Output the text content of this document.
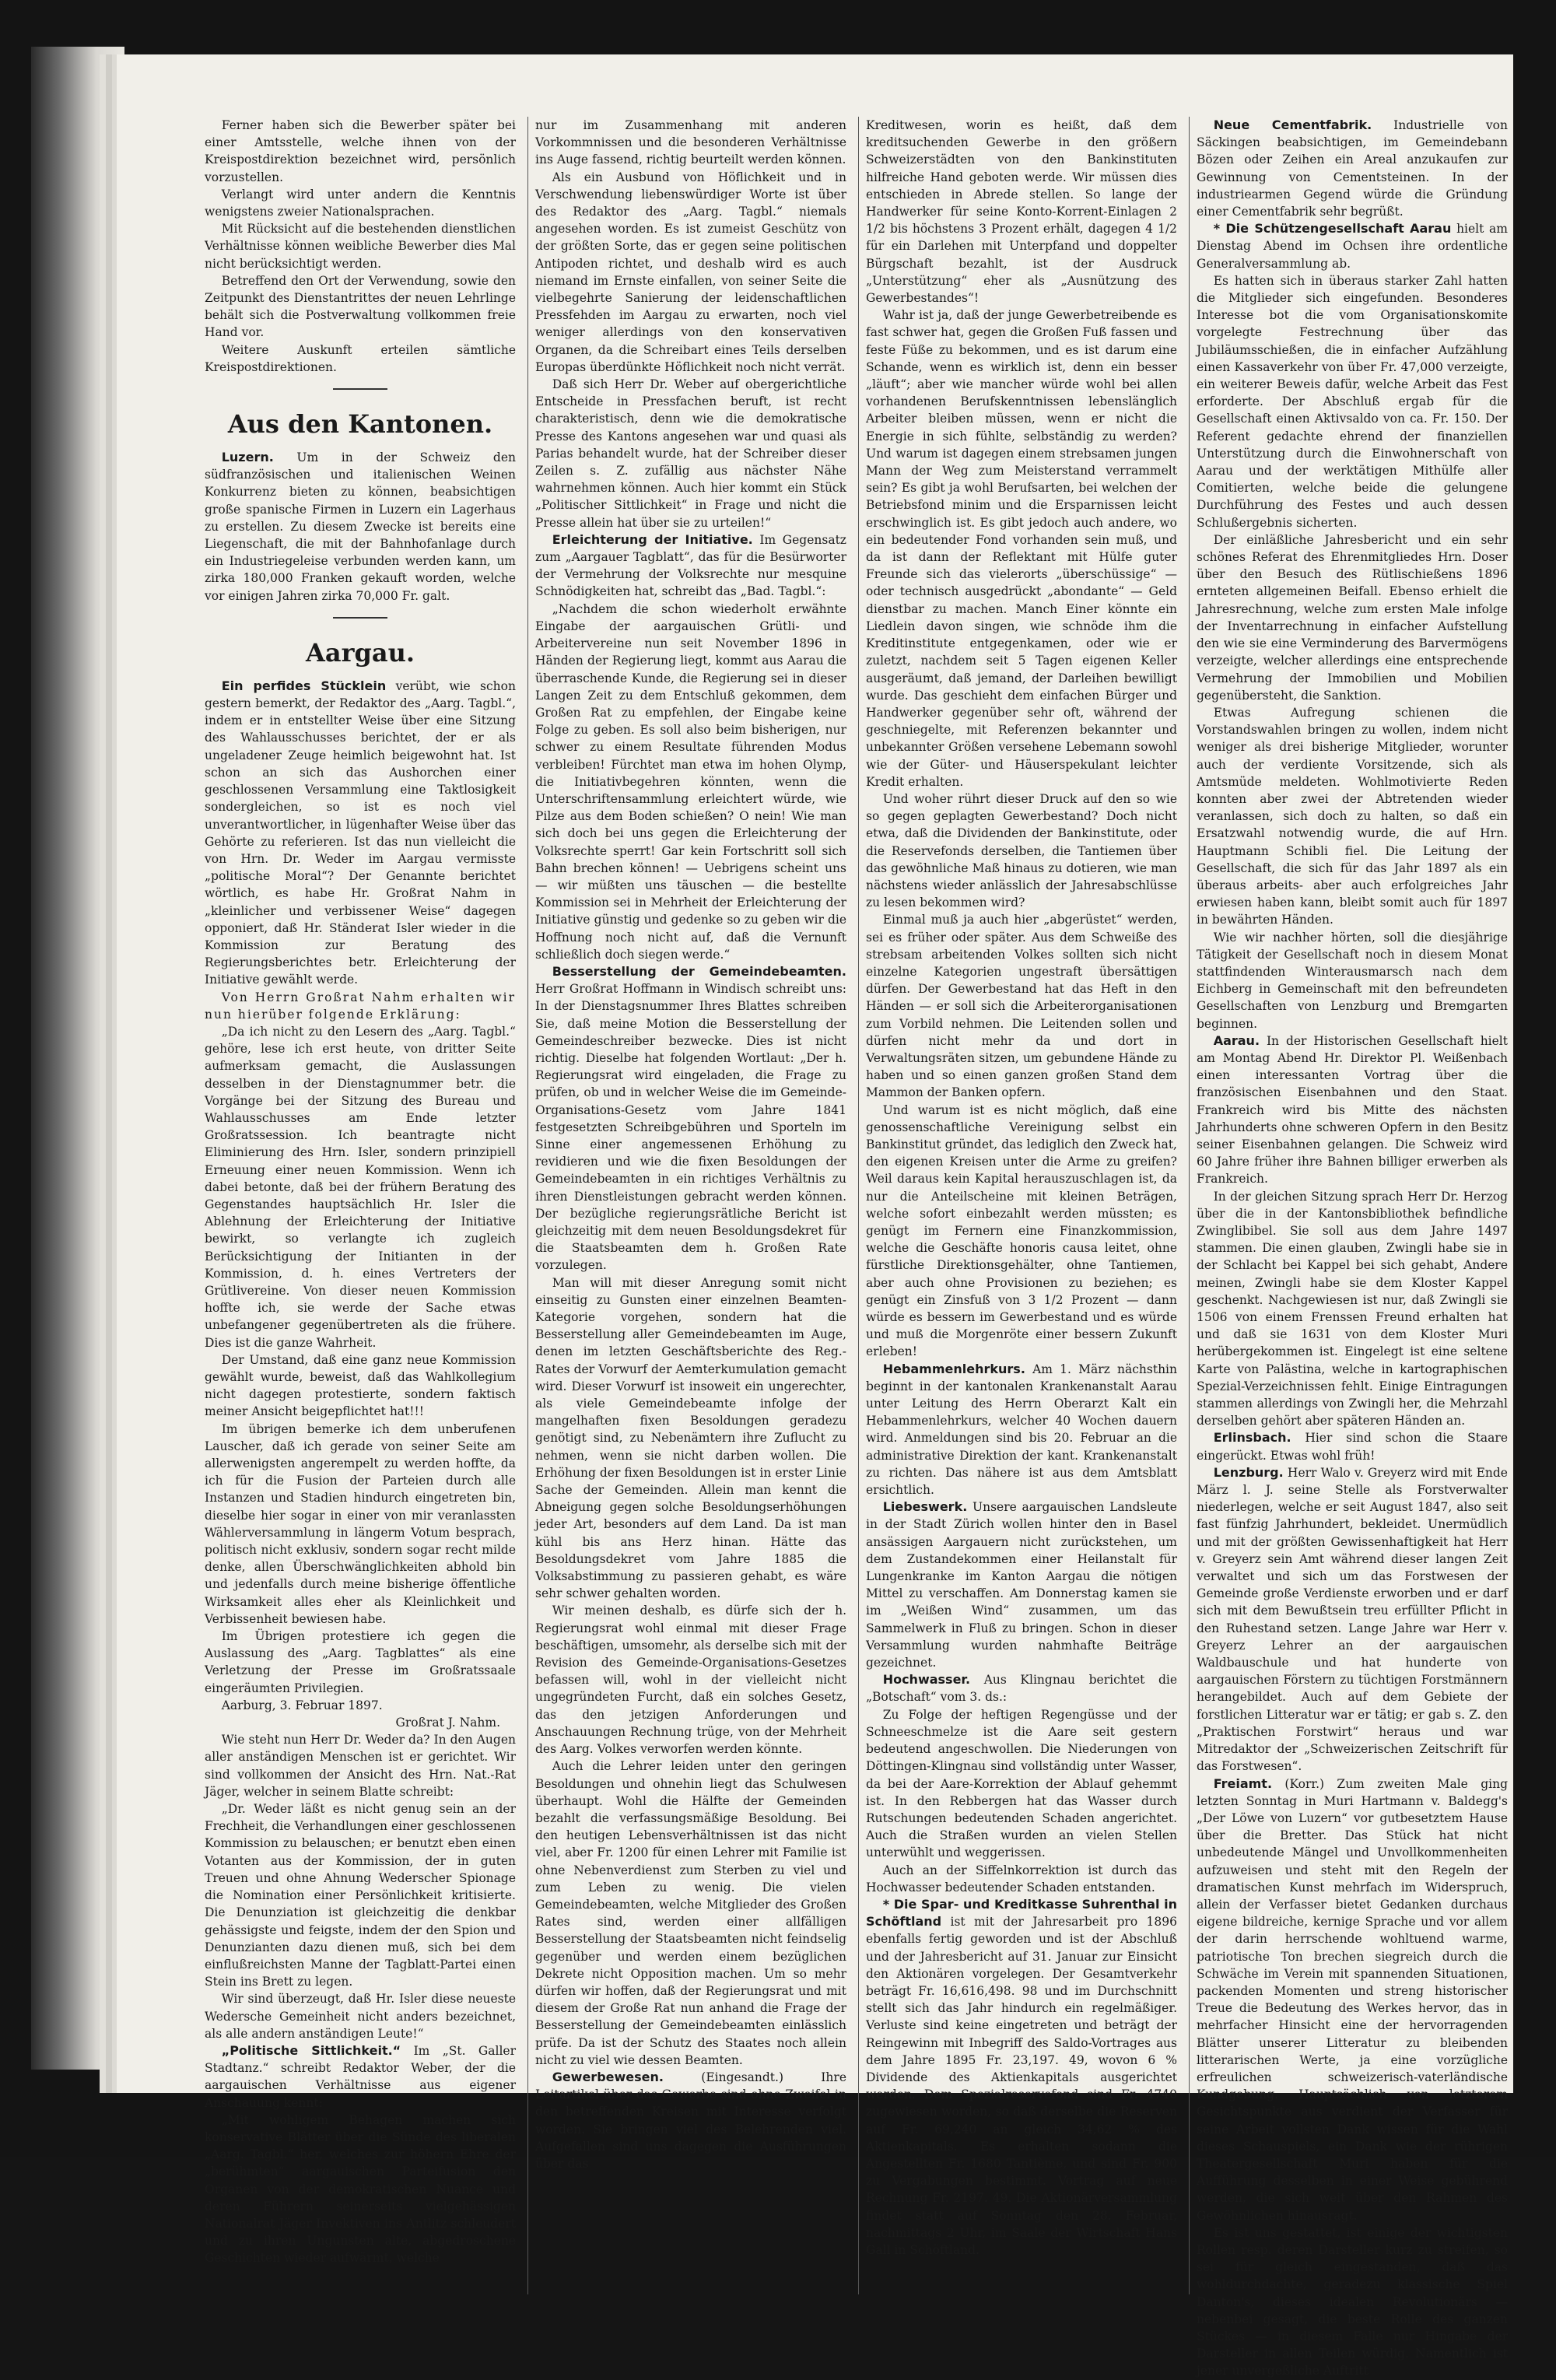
Ferner haben sich die Bewerber später bei einer Amtsstelle, welche ihnen von der Kreispostdirektion bezeichnet wird, persönlich vorzustellen.

Verlangt wird unter andern die Kenntnis wenigstens zweier Nationalsprachen.

Mit Rücksicht auf die bestehenden dienstlichen Verhältnisse können weibliche Bewerber dies Mal nicht berücksichtigt werden.

Betreffend den Ort der Verwendung, sowie den Zeitpunkt des Dienstantrittes der neuen Lehrlinge behält sich die Postverwaltung vollkommen freie Hand vor.

Weitere Auskunft erteilen sämtliche Kreispostdirektionen.

Aus den Kantonen.

Luzern. Um in der Schweiz den südfranzösischen und italienischen Weinen Konkurrenz bieten zu können, beabsichtigen große spanische Firmen in Luzern ein Lagerhaus zu erstellen. Zu diesem Zwecke ist bereits eine Liegenschaft, die mit der Bahnhofanlage durch ein Industriegeleise verbunden werden kann, um zirka 180,000 Franken gekauft worden, welche vor einigen Jahren zirka 70,000 Fr. galt.

Aargau.

Ein perfides Stücklein verübt, wie schon gestern bemerkt, der Redaktor des „Aarg. Tagbl.“, indem er in entstellter Weise über eine Sitzung des Wahlausschusses berichtet, der er als ungeladener Zeuge heimlich beigewohnt hat. Ist schon an sich das Aushorchen einer geschlossenen Versammlung eine Taktlosigkeit sondergleichen, so ist es noch viel unverantwortlicher, in lügenhafter Weise über das Gehörte zu referieren. Ist das nun vielleicht die von Hrn. Dr. Weder im Aargau vermisste „politische Moral“? Der Genannte berichtet wörtlich, es habe Hr. Großrat Nahm in „kleinlicher und verbissener Weise“ dagegen opponiert, daß Hr. Ständerat Isler wieder in die Kommission zur Beratung des Regierungsberichtes betr. Erleichterung der Initiative gewählt werde.

Von Herrn Großrat Nahm erhalten wir nun hierüber folgende Erklärung:

„Da ich nicht zu den Lesern des „Aarg. Tagbl.“ gehöre, lese ich erst heute, von dritter Seite aufmerksam gemacht, die Auslassungen desselben in der Dienstagnummer betr. die Vorgänge bei der Sitzung des Bureau und Wahlausschusses am Ende letzter Großratssession. Ich beantragte nicht Eliminierung des Hrn. Isler, sondern prinzipiell Erneuung einer neuen Kommission. Wenn ich dabei betonte, daß bei der frühern Beratung des Gegenstandes hauptsächlich Hr. Isler die Ablehnung der Erleichterung der Initiative bewirkt, so verlangte ich zugleich Berücksichtigung der Initianten in der Kommission, d. h. eines Vertreters der Grütlivereine. Von dieser neuen Kommission hoffte ich, sie werde der Sache etwas unbefangener gegenübertreten als die frühere. Dies ist die ganze Wahrheit.

Der Umstand, daß eine ganz neue Kommission gewählt wurde, beweist, daß das Wahlkollegium nicht dagegen protestierte, sondern faktisch meiner Ansicht beigepflichtet hat!!!

Im übrigen bemerke ich dem unberufenen Lauscher, daß ich gerade von seiner Seite am allerwenigsten angerempelt zu werden hoffte, da ich für die Fusion der Parteien durch alle Instanzen und Stadien hindurch eingetreten bin, dieselbe hier sogar in einer von mir veranlassten Wählerversammlung in längerm Votum besprach, politisch nicht exklusiv, sondern sogar recht milde denke, allen Überschwänglichkeiten abhold bin und jedenfalls durch meine bisherige öffentliche Wirksamkeit alles eher als Kleinlichkeit und Verbissenheit bewiesen habe.

Im Übrigen protestiere ich gegen die Auslassung des „Aarg. Tagblattes“ als eine Verletzung der Presse im Großratssaale eingeräumten Privilegien.

Aarburg, 3. Februar 1897.

Großrat J. Nahm.

Wie steht nun Herr Dr. Weder da? In den Augen aller anständigen Menschen ist er gerichtet. Wir sind vollkommen der Ansicht des Hrn. Nat.-Rat Jäger, welcher in seinem Blatte schreibt:

„Dr. Weder läßt es nicht genug sein an der Frechheit, die Verhandlungen einer geschlossenen Kommission zu belauschen; er benutzt eben einen Votanten aus der Kommission, der in guten Treuen und ohne Ahnung Wederscher Spionage die Nomination einer Persönlichkeit kritisierte. Die Denunziation ist gleichzeitig die denkbar gehässigste und feigste, indem der den Spion und Denunzianten dazu dienen muß, sich bei dem einflußreichsten Manne der Tagblatt-Partei einen Stein ins Brett zu legen.

Wir sind überzeugt, daß Hr. Isler diese neueste Wedersche Gemeinheit nicht anders bezeichnet, als alle andern anständigen Leute!“

„Politische Sittlichkeit.“ Im „St. Galler Stadtanz.“ schreibt Redaktor Weber, der die aargauischen Verhältnisse aus eigener Anschauung kennt:

„Mit wohligem Behagen machen sich konservative Blätter über die Sünde des liberalen „Aarg. Tagbl.“ her, welches zur höhern Ehre der „berühmten“ aargauischen Parteifusion den Organen von der demokratischen Nuance und deren Führern seinerseits vielgehässigen Nationalrat Jäger Invektiven ins Antlitz schleudert und zu ihren Ungunsten alte, abgedroschene Geschichten wieder aufwärmt, welche

nur im Zusammenhang mit anderen Vorkommnissen und die besonderen Verhältnisse ins Auge fassend, richtig beurteilt werden können.

Als ein Ausbund von Höflichkeit und in Verschwendung liebenswürdiger Worte ist über des Redaktor des „Aarg. Tagbl.“ niemals angesehen worden. Es ist zumeist Geschütz von der größten Sorte, das er gegen seine politischen Antipoden richtet, und deshalb wird es auch niemand im Ernste einfallen, von seiner Seite die vielbegehrte Sanierung der leidenschaftlichen Pressfehden im Aargau zu erwarten, noch viel weniger allerdings von den konservativen Organen, da die Schreibart eines Teils derselben Europas überdünkte Höflichkeit noch nicht verrät.

Daß sich Herr Dr. Weber auf obergerichtliche Entscheide in Pressfachen beruft, ist recht charakteristisch, denn wie die demokratische Presse des Kantons angesehen war und quasi als Parias behandelt wurde, hat der Schreiber dieser Zeilen s. Z. zufällig aus nächster Nähe wahrnehmen können. Auch hier kommt ein Stück „Politischer Sittlichkeit“ in Frage und nicht die Presse allein hat über sie zu urteilen!“

Erleichterung der Initiative. Im Gegensatz zum „Aargauer Tagblatt“, das für die Besürworter der Vermehrung der Volksrechte nur mesquine Schnödigkeiten hat, schreibt das „Bad. Tagbl.“:

„Nachdem die schon wiederholt erwähnte Eingabe der aargauischen Grütli- und Arbeitervereine nun seit November 1896 in Händen der Regierung liegt, kommt aus Aarau die überraschende Kunde, die Regierung sei in dieser Langen Zeit zu dem Entschluß gekommen, dem Großen Rat zu empfehlen, der Eingabe keine Folge zu geben. Es soll also beim bisherigen, nur schwer zu einem Resultate führenden Modus verbleiben! Fürchtet man etwa im hohen Olymp, die Initiativbegehren könnten, wenn die Unterschriftensammlung erleichtert würde, wie Pilze aus dem Boden schießen? O nein! Wie man sich doch bei uns gegen die Erleichterung der Volksrechte sperrt! Gar kein Fortschritt soll sich Bahn brechen können! — Uebrigens scheint uns — wir müßten uns täuschen — die bestellte Kommission sei in Mehrheit der Erleichterung der Initiative günstig und gedenke so zu geben wir die Hoffnung noch nicht auf, daß die Vernunft schließlich doch siegen werde.“

Besserstellung der Gemeindebeamten. Herr Großrat Hoffmann in Windisch schreibt uns: In der Dienstagsnummer Ihres Blattes schreiben Sie, daß meine Motion die Besserstellung der Gemeindeschreiber bezwecke. Dies ist nicht richtig. Dieselbe hat folgenden Wortlaut: „Der h. Regierungsrat wird eingeladen, die Frage zu prüfen, ob und in welcher Weise die im Gemeinde-Organisations-Gesetz vom Jahre 1841 festgesetzten Schreibgebühren und Sporteln im Sinne einer angemessenen Erhöhung zu revidieren und wie die fixen Besoldungen der Gemeindebeamten in ein richtiges Verhältnis zu ihren Dienstleistungen gebracht werden können. Der bezügliche regierungsrätliche Bericht ist gleichzeitig mit dem neuen Besoldungsdekret für die Staatsbeamten dem h. Großen Rate vorzulegen.

Man will mit dieser Anregung somit nicht einseitig zu Gunsten einer einzelnen Beamten-Kategorie vorgehen, sondern hat die Besserstellung aller Gemeindebeamten im Auge, denen im letzten Geschäftsberichte des Reg.-Rates der Vorwurf der Aemterkumulation gemacht wird. Dieser Vorwurf ist insoweit ein ungerechter, als viele Gemeindebeamte infolge der mangelhaften fixen Besoldungen geradezu genötigt sind, zu Nebenämtern ihre Zuflucht zu nehmen, wenn sie nicht darben wollen. Die Erhöhung der fixen Besoldungen ist in erster Linie Sache der Gemeinden. Allein man kennt die Abneigung gegen solche Besoldungserhöhungen jeder Art, besonders auf dem Land. Da ist man kühl bis ans Herz hinan. Hätte das Besoldungsdekret vom Jahre 1885 die Volksabstimmung zu passieren gehabt, es wäre sehr schwer gehalten worden.

Wir meinen deshalb, es dürfe sich der h. Regierungsrat wohl einmal mit dieser Frage beschäftigen, umsomehr, als derselbe sich mit der Revision des Gemeinde-Organisations-Gesetzes befassen will, wohl in der vielleicht nicht ungegründeten Furcht, daß ein solches Gesetz, das den jetzigen Anforderungen und Anschauungen Rechnung trüge, von der Mehrheit des Aarg. Volkes verworfen werden könnte.

Auch die Lehrer leiden unter den geringen Besoldungen und ohnehin liegt das Schulwesen überhaupt. Wohl die Hälfte der Gemeinden bezahlt die verfassungsmäßige Besoldung. Bei den heutigen Lebensverhältnissen ist das nicht viel, aber Fr. 1200 für einen Lehrer mit Familie ist ohne Nebenverdienst zum Sterben zu viel und zum Leben zu wenig. Die vielen Gemeindebeamten, welche Mitglieder des Großen Rates sind, werden einer allfälligen Besserstellung der Staatsbeamten nicht feindselig gegenüber und werden einem bezüglichen Dekrete nicht Opposition machen. Um so mehr dürfen wir hoffen, daß der Regierungsrat und mit diesem der Große Rat nun anhand die Frage der Besserstellung der Gemeindebeamten einlässlich prüfe. Da ist der Schutz des Staates noch allein nicht zu viel wie dessen Beamten.

Gewerbewesen.	(Eingesandt.) Ihre Leitartikel über das Gewerbe sind ohne Zweifel in den betreffenden Kreisen mit Interesse verfolgt worden. Sie bringen viel des Belehrenden viel. Aufgefallen sind uns dagegen die Ausführungen über das

Kreditwesen, worin es heißt, daß dem kreditsuchenden Gewerbe in den größern Schweizerstädten von den Bankinstituten hilfreiche Hand geboten werde. Wir müssen dies entschieden in Abrede stellen. So lange der Handwerker für seine Konto-Korrent-Einlagen 2 1/2 bis höchstens 3 Prozent erhält, dagegen 4 1/2 für ein Darlehen mit Unterpfand und doppelter Bürgschaft bezahlt, ist der Ausdruck „Unterstützung“ eher als „Ausnützung des Gewerbestandes“!

Wahr ist ja, daß der junge Gewerbetreibende es fast schwer hat, gegen die Großen Fuß fassen und feste Füße zu bekommen, und es ist darum eine Schande, wenn es wirklich ist, denn ein besser „läuft“; aber wie mancher würde wohl bei allen vorhandenen Berufskenntnissen lebenslänglich Arbeiter bleiben müssen, wenn er nicht die Energie in sich fühlte, selbständig zu werden? Und warum ist dagegen einem strebsamen jungen Mann der Weg zum Meisterstand verrammelt sein? Es gibt ja wohl Berufsarten, bei welchen der Betriebsfond minim und die Ersparnissen leicht erschwinglich ist. Es gibt jedoch auch andere, wo ein bedeutender Fond vorhanden sein muß, und da ist dann der Reflektant mit Hülfe guter Freunde sich das vielerorts „überschüssige“ — oder technisch ausgedrückt „abondante“ — Geld dienstbar zu machen. Manch Einer könnte ein Liedlein davon singen, wie schnöde ihm die Kreditinstitute entgegenkamen, oder wie er zuletzt, nachdem seit 5 Tagen eigenen Keller ausgeräumt, daß jemand, der Darleihen bewilligt wurde. Das geschieht dem einfachen Bürger und Handwerker gegenüber sehr oft, während der geschniegelte, mit Referenzen bekannter und unbekannter Größen versehene Lebemann sowohl wie der Güter- und Häuserspekulant leichter Kredit erhalten.

Und woher rührt dieser Druck auf den so wie so gegen geplagten Gewerbestand? Doch nicht etwa, daß die Dividenden der Bankinstitute, oder die Reservefonds derselben, die Tantiemen über das gewöhnliche Maß hinaus zu dotieren, wie man nächstens wieder anlässlich der Jahresabschlüsse zu lesen bekommen wird?

Einmal muß ja auch hier „abgerüstet“ werden, sei es früher oder später. Aus dem Schweiße des strebsam arbeitenden Volkes sollten sich nicht einzelne Kategorien ungestraft übersättigen dürfen. Der Gewerbestand hat das Heft in den Händen — er soll sich die Arbeiterorganisationen zum Vorbild nehmen. Die Leitenden sollen und dürfen nicht mehr da und dort in Verwaltungsräten sitzen, um gebundene Hände zu haben und so einen ganzen großen Stand dem Mammon der Banken opfern.

Und warum ist es nicht möglich, daß eine genossenschaftliche Vereinigung selbst ein Bankinstitut gründet, das lediglich den Zweck hat, den eigenen Kreisen unter die Arme zu greifen? Weil daraus kein Kapital herauszuschlagen ist, da nur die Anteilscheine mit kleinen Beträgen, welche sofort einbezahlt werden müssten; es genügt im Fernern eine Finanzkommission, welche die Geschäfte honoris causa leitet, ohne fürstliche Direktionsgehälter, ohne Tantiemen, aber auch ohne Provisionen zu beziehen; es genügt ein Zinsfuß von 3 1/2 Prozent — dann würde es bessern im Gewerbestand und es würde und muß die Morgenröte einer bessern Zukunft erleben!

Hebammenlehrkurs. Am 1. März nächsthin beginnt in der kantonalen Krankenanstalt Aarau unter Leitung des Herrn Oberarzt Kalt ein Hebammenlehrkurs, welcher 40 Wochen dauern wird. Anmeldungen sind bis 20. Februar an die administrative Direktion der kant. Krankenanstalt zu richten. Das nähere ist aus dem Amtsblatt ersichtlich.

Liebeswerk. Unsere aargauischen Landsleute in der Stadt Zürich wollen hinter den in Basel ansässigen Aargauern nicht zurückstehen, um dem Zustandekommen einer Heilanstalt für Lungenkranke im Kanton Aargau die nötigen Mittel zu verschaffen. Am Donnerstag kamen sie im „Weißen Wind“ zusammen, um das Sammelwerk in Fluß zu bringen. Schon in dieser Versammlung wurden nahmhafte Beiträge gezeichnet.

Hochwasser. Aus Klingnau berichtet die „Botschaft“ vom 3. ds.:

Zu Folge der heftigen Regengüsse und der Schneeschmelze ist die Aare seit gestern bedeutend angeschwollen. Die Niederungen von Döttingen-Klingnau sind vollständig unter Wasser, da bei der Aare-Korrektion der Ablauf gehemmt ist. In den Rebbergen hat das Wasser durch Rutschungen bedeutenden Schaden angerichtet. Auch die Straßen wurden an vielen Stellen unterwühlt und weggerissen.

Auch an der Siffelnkorrektion ist durch das Hochwasser bedeutender Schaden entstanden.

* Die Spar- und Kreditkasse Suhrenthal in Schöftland ist mit der Jahresarbeit pro 1896 ebenfalls fertig geworden und ist der Abschluß und der Jahresbericht auf 31. Januar zur Einsicht den Aktionären vorgelegen. Der Gesamtverkehr beträgt Fr. 16,616,498. 98 und im Durchschnitt stellt sich das Jahr hindurch ein regelmäßiger. Verluste sind keine eingetreten und beträgt der Reingewinn mit Inbegriff des Saldo-Vortrages aus dem Jahre 1895 Fr. 23,197. 49, wovon 6 % Dividende des Aktienkapitals ausgerichtet werden. Dem Spezialreservefond sind Fr. 4740 zugewiesen worden, so daß derselbe die Reserven auf Fr. 69,240 an gleich 34,62 % des Aktienkapitals. Es erhalten sodann die Angestellten Fr. 1680 Tantième, und sind Fr. 900 zu Vergabungen bestimmt. Vortrag auf neue Rechnung Fr. 2197. 49. Die Aktionärversammlung findet statt auf Sonntag den 28. Februar, nachmittags 2 Uhr, im Saale der Wirtschaft Hans Gall in Schöftland.

Neue Cementfabrik. Industrielle von Säckingen beabsichtigen, im Gemeindebann Bözen oder Zeihen ein Areal anzukaufen zur Gewinnung von Cementsteinen. In der industriearmen Gegend würde die Gründung einer Cementfabrik sehr begrüßt.

* Die Schützengesellschaft Aarau hielt am Dienstag Abend im Ochsen ihre ordentliche Generalversammlung ab.

Es hatten sich in überaus starker Zahl hatten die Mitglieder sich eingefunden. Besonderes Interesse bot die vom Organisationskomite vorgelegte Festrechnung über das Jubiläumsschießen, die in einfacher Aufzählung einen Kassaverkehr von über Fr. 47,000 verzeigte, ein weiterer Beweis dafür, welche Arbeit das Fest erforderte. Der Abschluß ergab für die Gesellschaft einen Aktivsaldo von ca. Fr. 150. Der Referent gedachte ehrend der finanziellen Unterstützung durch die Einwohnerschaft von Aarau und der werktätigen Mithülfe aller Comitierten, welche beide die gelungene Durchführung des Festes und auch dessen Schlußergebnis sicherten.

Der einläßliche Jahresbericht und ein sehr schönes Referat des Ehrenmitgliedes Hrn. Doser über den Besuch des Rütlischießens 1896 ernteten allgemeinen Beifall. Ebenso erhielt die Jahresrechnung, welche zum ersten Male infolge der Inventarrechnung in einfacher Aufstellung den wie sie eine Verminderung des Barvermögens verzeigte, welcher allerdings eine entsprechende Vermehrung der Immobilien und Mobilien gegenübersteht, die Sanktion.

Etwas Aufregung schienen die Vorstandswahlen bringen zu wollen, indem nicht weniger als drei bisherige Mitglieder, worunter auch der verdiente Vorsitzende, sich als Amtsmüde meldeten. Wohlmotivierte Reden konnten aber zwei der Abtretenden wieder veranlassen, sich doch zu halten, so daß ein Ersatzwahl notwendig wurde, die auf Hrn. Hauptmann Schibli fiel. Die Leitung der Gesellschaft, die sich für das Jahr 1897 als ein überaus arbeits- aber auch erfolgreiches Jahr erwiesen haben kann, bleibt somit auch für 1897 in bewährten Händen.

Wie wir nachher hörten, soll die diesjährige Tätigkeit der Gesellschaft noch in diesem Monat stattfindenden Winterausmarsch nach dem Eichberg in Gemeinschaft mit den befreundeten Gesellschaften von Lenzburg und Bremgarten beginnen.

Aarau. In der Historischen Gesellschaft hielt am Montag Abend Hr. Direktor Pl. Weißenbach einen interessanten Vortrag über die französischen Eisenbahnen und den Staat. Frankreich wird bis Mitte des nächsten Jahrhunderts ohne schweren Opfern in den Besitz seiner Eisenbahnen gelangen. Die Schweiz wird 60 Jahre früher ihre Bahnen billiger erwerben als Frankreich.

In der gleichen Sitzung sprach Herr Dr. Herzog über die in der Kantonsbibliothek befindliche Zwinglibibel. Sie soll aus dem Jahre 1497 stammen. Die einen glauben, Zwingli habe sie in der Schlacht bei Kappel bei sich gehabt, Andere meinen, Zwingli habe sie dem Kloster Kappel geschenkt. Nachgewiesen ist nur, daß Zwingli sie 1506 von einem Frenssen Freund erhalten hat und daß sie 1631 von dem Kloster Muri herübergekommen ist. Eingelegt ist eine seltene Karte von Palästina, welche in kartographischen Spezial-Verzeichnissen fehlt. Einige Eintragungen stammen allerdings von Zwingli her, die Mehrzahl derselben gehört aber späteren Händen an.

Erlinsbach. Hier sind schon die Staare eingerückt. Etwas wohl früh!

Lenzburg. Herr Walo v. Greyerz wird mit Ende März l. J. seine Stelle als Forstverwalter niederlegen, welche er seit August 1847, also seit fast fünfzig Jahrhundert, bekleidet. Unermüdlich und mit der größten Gewissenhaftigkeit hat Herr v. Greyerz sein Amt während dieser langen Zeit verwaltet und sich um das Forstwesen der Gemeinde große Verdienste erworben und er darf sich mit dem Bewußtsein treu erfüllter Pflicht in den Ruhestand setzen. Lange Jahre war Herr v. Greyerz Lehrer an der aargauischen Waldbauschule und hat hunderte von aargauischen Förstern zu tüchtigen Forstmännern herangebildet. Auch auf dem Gebiete der forstlichen Litteratur war er tätig; er gab s. Z. den „Praktischen Forstwirt“ heraus und war Mitredaktor der „Schweizerischen Zeitschrift für das Forstwesen“.

Freiamt. (Korr.) Zum zweiten Male ging letzten Sonntag in Muri Hartmann v. Baldegg's „Der Löwe von Luzern“ vor gutbesetztem Hause über die Bretter. Das Stück hat nicht unbedeutende Mängel und Unvollkommenheiten aufzuweisen und steht mit den Regeln der dramatischen Kunst mehrfach im Widerspruch, allein der Verfasser bietet Gedanken durchaus eigene bildreiche, kernige Sprache und vor allem der darin herrschende wohltuend warme, patriotische Ton brechen siegreich durch die Schwäche im Verein mit spannenden Situationen, packenden Momenten und streng historischer Treue die Bedeutung des Werkes hervor, das in mehrfacher Hinsicht eine der hervorragenden Blätter unserer Litteratur zu bleibenden litterarischen Werte, ja eine vorzügliche erfreulichen schweizerisch-vaterländische Kundgebung. Hauptsächlich von letzterem Gesichtspunkte aus verdient der Verfasser für seine Arbeit vollsten Dank wissen für die Wahl dieses Schauspiels, ein Dank wie der rührigen Theatergesellschaft Muri haben für die Aufführung desselben in einer Weise gebührend werden, die sich weit über den Rahmen des Gewöhnlichen hinausragt.

Es ist uns gestattet, ist einige der wichtigsten Rollen resp. deren Darsteller kurz zu streifen, so sei für gleich eingestanden, daß das wohldurchdachte, geradezu klassische Spiel Danton's, dieses idealen Revolutionärs — nebenbei gesagt, die beste Rolle des ganzen Stückes — in diesem Falle nur Hingabe der Darsteller in allen Teilen würdig. Namentlich ist jener unvergeßliche Auftritt
